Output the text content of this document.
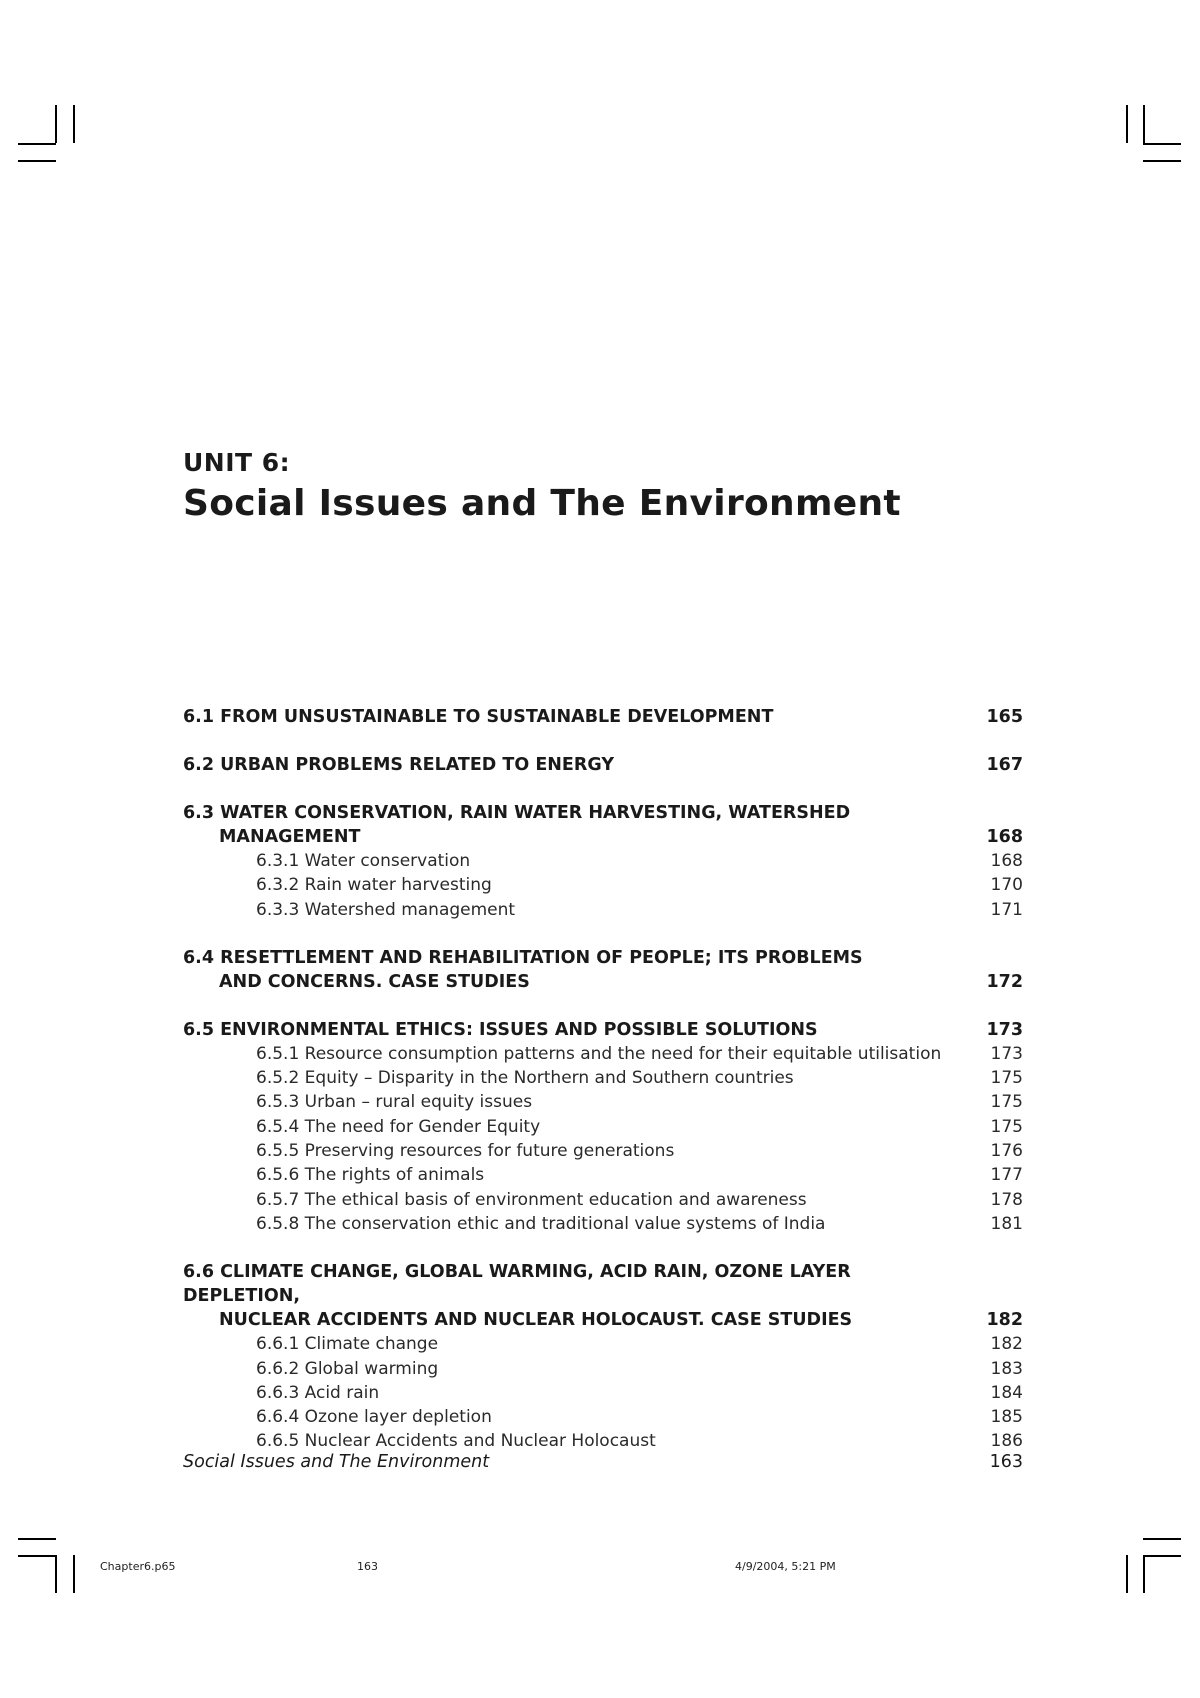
UNIT 6:
Social Issues and The Environment
6.1 FROM UNSUSTAINABLE TO SUSTAINABLE DEVELOPMENT	165
6.2 URBAN PROBLEMS RELATED TO ENERGY	167
6.3 WATER CONSERVATION, RAIN WATER HARVESTING, WATERSHED
MANAGEMENT	168
6.3.1 Water conservation	168
6.3.2 Rain water harvesting	170
6.3.3 Watershed management	171
6.4 RESETTLEMENT AND REHABILITATION OF PEOPLE; ITS PROBLEMS
AND CONCERNS. CASE STUDIES	172
6.5 ENVIRONMENTAL ETHICS: ISSUES AND POSSIBLE SOLUTIONS	173
6.5.1 Resource consumption patterns and the need for their equitable utilisation	173
6.5.2 Equity – Disparity in the Northern and Southern countries	175
6.5.3 Urban – rural equity issues	175
6.5.4 The need for Gender Equity	175
6.5.5 Preserving resources for future generations	176
6.5.6 The rights of animals	177
6.5.7 The ethical basis of environment education and awareness	178
6.5.8 The conservation ethic and traditional value systems of India	181
6.6 CLIMATE CHANGE, GLOBAL WARMING, ACID RAIN, OZONE LAYER DEPLETION,
NUCLEAR ACCIDENTS AND NUCLEAR HOLOCAUST. CASE STUDIES	182
6.6.1 Climate change	182
6.6.2 Global warming	183
6.6.3 Acid rain	184
6.6.4 Ozone layer depletion	185
6.6.5 Nuclear Accidents and Nuclear Holocaust	186
Social Issues and The Environment	163
Chapter6.p65	163	4/9/2004, 5:21 PM
